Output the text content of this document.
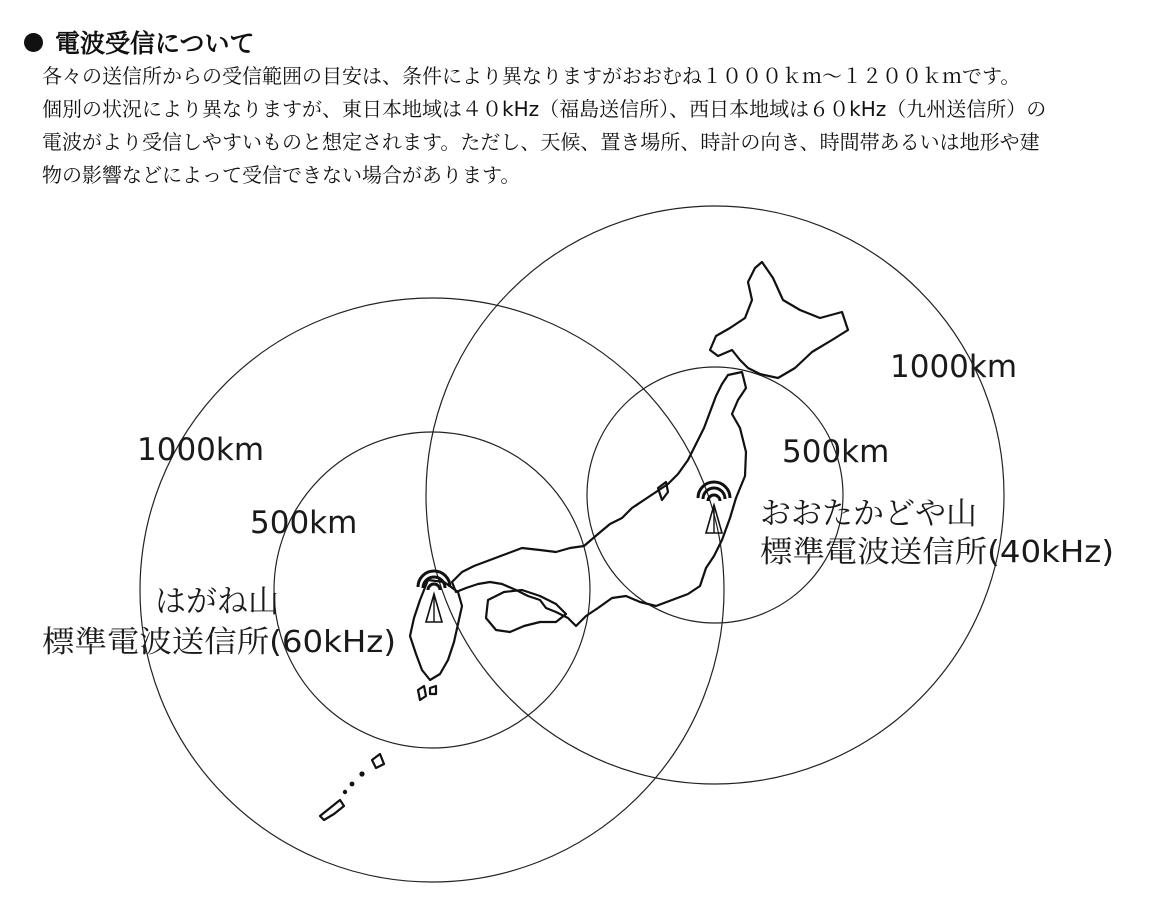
電波受信について
各々の送信所からの受信範囲の目安は、条件により異なりますがおおむね１０００ｋｍ〜１２００ｋｍです。
個別の状況により異なりますが、東日本地域は４０kHz（福島送信所）、西日本地域は６０kHz（九州送信所）の
電波がより受信しやすいものと想定されます。ただし、天候、置き場所、時計の向き、時間帯あるいは地形や建
物の影響などによって受信できない場合があります。
1000km
500km
はがね山
標準電波送信所(60kHz)
1000km
500km
おおたかどや山
標準電波送信所(40kHz)
